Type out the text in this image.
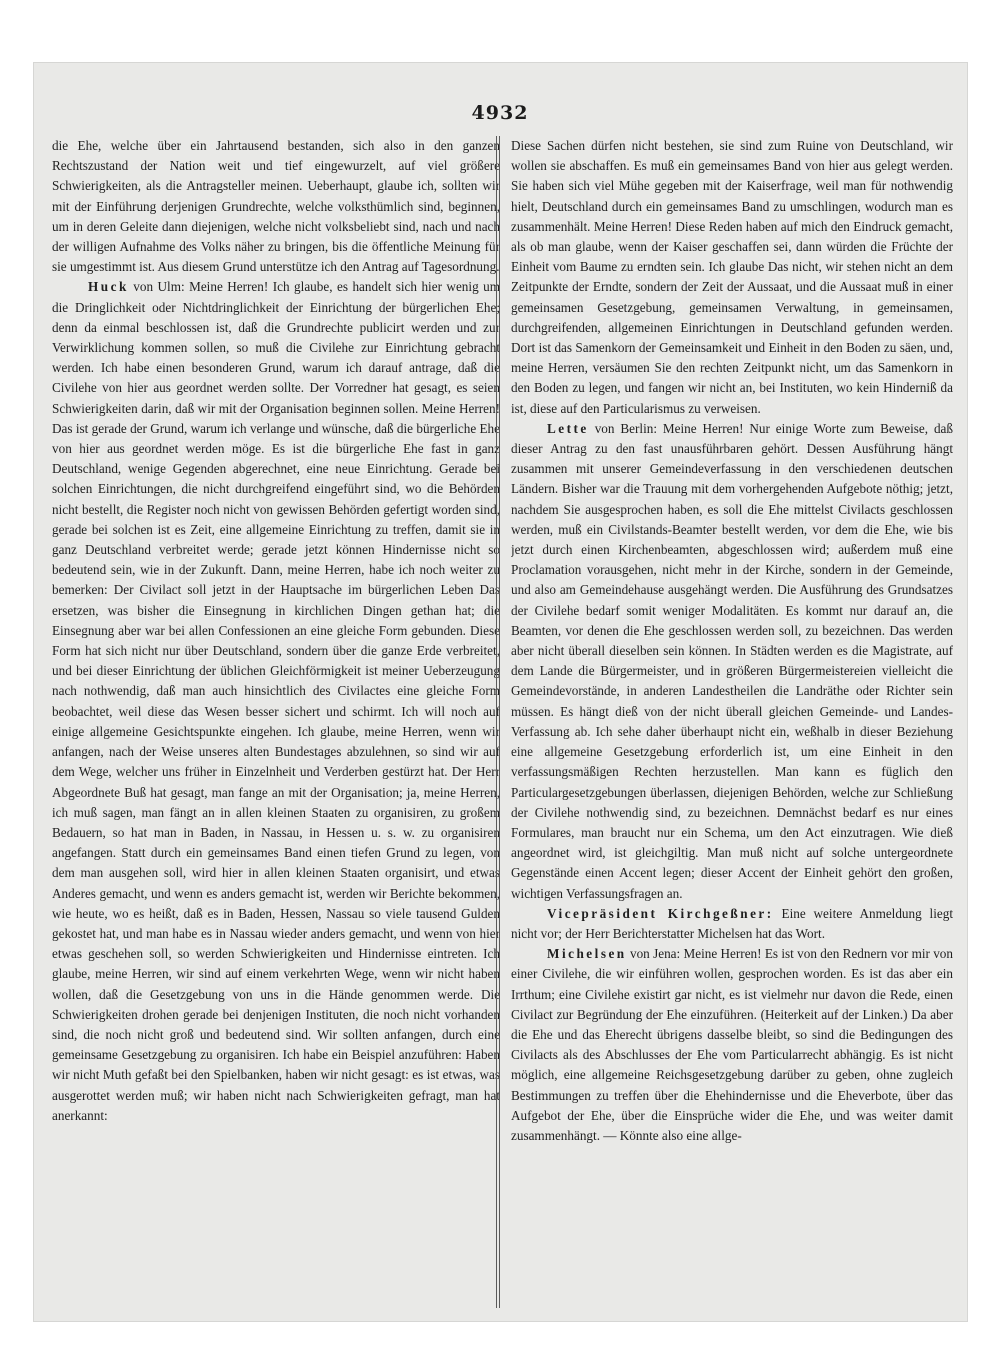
4932

die Ehe, welche über ein Jahrtausend bestanden, sich also in den ganzen Rechtszustand der Nation weit und tief eingewurzelt, auf viel größere Schwierigkeiten, als die Antragsteller meinen. Ueberhaupt, glaube ich, sollten wir mit der Einführung derjenigen Grundrechte, welche volksthümlich sind, beginnen, um in deren Geleite dann diejenigen, welche nicht volksbeliebt sind, nach und nach der willigen Aufnahme des Volks näher zu bringen, bis die öffentliche Meinung für sie umgestimmt ist. Aus diesem Grund unterstütze ich den Antrag auf Tagesordnung.

Huck von Ulm: Meine Herren! Ich glaube, es handelt sich hier wenig um die Dringlichkeit oder Nichtdringlichkeit der Einrichtung der bürgerlichen Ehe; denn da einmal beschlossen ist, daß die Grundrechte publicirt werden und zur Verwirklichung kommen sollen, so muß die Civilehe zur Einrichtung gebracht werden. Ich habe einen besonderen Grund, warum ich darauf antrage, daß die Civilehe von hier aus geordnet werden sollte. Der Vorredner hat gesagt, es seien Schwierigkeiten darin, daß wir mit der Organisation beginnen sollen. Meine Herren! Das ist gerade der Grund, warum ich verlange und wünsche, daß die bürgerliche Ehe von hier aus geordnet werden möge. Es ist die bürgerliche Ehe fast in ganz Deutschland, wenige Gegenden abgerechnet, eine neue Einrichtung. Gerade bei solchen Einrichtungen, die nicht durchgreifend eingeführt sind, wo die Behörden nicht bestellt, die Register noch nicht von gewissen Behörden gefertigt worden sind, gerade bei solchen ist es Zeit, eine allgemeine Einrichtung zu treffen, damit sie in ganz Deutschland verbreitet werde; gerade jetzt können Hindernisse nicht so bedeutend sein, wie in der Zukunft. Dann, meine Herren, habe ich noch weiter zu bemerken: Der Civilact soll jetzt in der Hauptsache im bürgerlichen Leben Das ersetzen, was bisher die Einsegnung in kirchlichen Dingen gethan hat; die Einsegnung aber war bei allen Confessionen an eine gleiche Form gebunden. Diese Form hat sich nicht nur über Deutschland, sondern über die ganze Erde verbreitet, und bei dieser Einrichtung der üblichen Gleichförmigkeit ist meiner Ueberzeugung nach nothwendig, daß man auch hinsichtlich des Civilactes eine gleiche Form beobachtet, weil diese das Wesen besser sichert und schirmt. Ich will noch auf einige allgemeine Gesichtspunkte eingehen. Ich glaube, meine Herren, wenn wir anfangen, nach der Weise unseres alten Bundestages abzulehnen, so sind wir auf dem Wege, welcher uns früher in Einzelnheit und Verderben gestürzt hat. Der Herr Abgeordnete Buß hat gesagt, man fange an mit der Organisation; ja, meine Herren, ich muß sagen, man fängt an in allen kleinen Staaten zu organisiren, zu großem Bedauern, so hat man in Baden, in Nassau, in Hessen u. s. w. zu organisiren angefangen. Statt durch ein gemeinsames Band einen tiefen Grund zu legen, von dem man ausgehen soll, wird hier in allen kleinen Staaten organisirt, und etwas Anderes gemacht, und wenn es anders gemacht ist, werden wir Berichte bekommen, wie heute, wo es heißt, daß es in Baden, Hessen, Nassau so viele tausend Gulden gekostet hat, und man habe es in Nassau wieder anders gemacht, und wenn von hier etwas geschehen soll, so werden Schwierigkeiten und Hindernisse eintreten. Ich glaube, meine Herren, wir sind auf einem verkehrten Wege, wenn wir nicht haben wollen, daß die Gesetzgebung von uns in die Hände genommen werde. Die Schwierigkeiten drohen gerade bei denjenigen Instituten, die noch nicht vorhanden sind, die noch nicht groß und bedeutend sind. Wir sollten anfangen, durch eine gemeinsame Gesetzgebung zu organisiren. Ich habe ein Beispiel anzuführen: Haben wir nicht Muth gefaßt bei den Spielbanken, haben wir nicht gesagt: es ist etwas, was ausgerottet werden muß; wir haben nicht nach Schwierigkeiten gefragt, man hat anerkannt:

Diese Sachen dürfen nicht bestehen, sie sind zum Ruine von Deutschland, wir wollen sie abschaffen. Es muß ein gemeinsames Band von hier aus gelegt werden. Sie haben sich viel Mühe gegeben mit der Kaiserfrage, weil man für nothwendig hielt, Deutschland durch ein gemeinsames Band zu umschlingen, wodurch man es zusammenhält. Meine Herren! Diese Reden haben auf mich den Eindruck gemacht, als ob man glaube, wenn der Kaiser geschaffen sei, dann würden die Früchte der Einheit vom Baume zu erndten sein. Ich glaube Das nicht, wir stehen nicht an dem Zeitpunkte der Erndte, sondern der Zeit der Aussaat, und die Aussaat muß in einer gemeinsamen Gesetzgebung, gemeinsamen Verwaltung, in gemeinsamen, durchgreifenden, allgemeinen Einrichtungen in Deutschland gefunden werden. Dort ist das Samenkorn der Gemeinsamkeit und Einheit in den Boden zu säen, und, meine Herren, versäumen Sie den rechten Zeitpunkt nicht, um das Samenkorn in den Boden zu legen, und fangen wir nicht an, bei Instituten, wo kein Hinderniß da ist, diese auf den Particularismus zu verweisen.

Lette von Berlin: Meine Herren! Nur einige Worte zum Beweise, daß dieser Antrag zu den fast unausführbaren gehört. Dessen Ausführung hängt zusammen mit unserer Gemeindeverfassung in den verschiedenen deutschen Ländern. Bisher war die Trauung mit dem vorhergehenden Aufgebote nöthig; jetzt, nachdem Sie ausgesprochen haben, es soll die Ehe mittelst Civilacts geschlossen werden, muß ein Civilstands-Beamter bestellt werden, vor dem die Ehe, wie bis jetzt durch einen Kirchenbeamten, abgeschlossen wird; außerdem muß eine Proclamation vorausgehen, nicht mehr in der Kirche, sondern in der Gemeinde, und also am Gemeindehause ausgehängt werden. Die Ausführung des Grundsatzes der Civilehe bedarf somit weniger Modalitäten. Es kommt nur darauf an, die Beamten, vor denen die Ehe geschlossen werden soll, zu bezeichnen. Das werden aber nicht überall dieselben sein können. In Städten werden es die Magistrate, auf dem Lande die Bürgermeister, und in größeren Bürgermeistereien vielleicht die Gemeindevorstände, in anderen Landestheilen die Landräthe oder Richter sein müssen. Es hängt dieß von der nicht überall gleichen Gemeinde- und Landes-Verfassung ab. Ich sehe daher überhaupt nicht ein, weßhalb in dieser Beziehung eine allgemeine Gesetzgebung erforderlich ist, um eine Einheit in den verfassungsmäßigen Rechten herzustellen. Man kann es füglich den Particulargesetzgebungen überlassen, diejenigen Behörden, welche zur Schließung der Civilehe nothwendig sind, zu bezeichnen. Demnächst bedarf es nur eines Formulares, man braucht nur ein Schema, um den Act einzutragen. Wie dieß angeordnet wird, ist gleichgiltig. Man muß nicht auf solche untergeordnete Gegenstände einen Accent legen; dieser Accent der Einheit gehört den großen, wichtigen Verfassungsfragen an.

Vicepräsident Kirchgeßner: Eine weitere Anmeldung liegt nicht vor; der Herr Berichterstatter Michelsen hat das Wort.

Michelsen von Jena: Meine Herren! Es ist von den Rednern vor mir von einer Civilehe, die wir einführen wollen, gesprochen worden. Es ist das aber ein Irrthum; eine Civilehe existirt gar nicht, es ist vielmehr nur davon die Rede, einen Civilact zur Begründung der Ehe einzuführen. (Heiterkeit auf der Linken.) Da aber die Ehe und das Eherecht übrigens dasselbe bleibt, so sind die Bedingungen des Civilacts als des Abschlusses der Ehe vom Particularrecht abhängig. Es ist nicht möglich, eine allgemeine Reichsgesetzgebung darüber zu geben, ohne zugleich Bestimmungen zu treffen über die Ehehindernisse und die Eheverbote, über das Aufgebot der Ehe, über die Einsprüche wider die Ehe, und was weiter damit zusammenhängt. — Könnte also eine allge-
